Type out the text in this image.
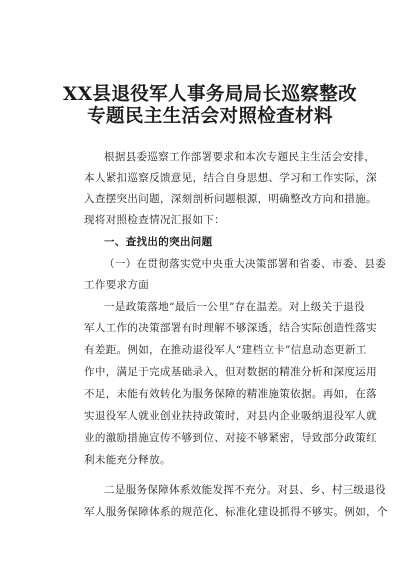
XX县退役军人事务局局长巡察整改
专题民主生活会对照检查材料
根据县委巡察工作部署要求和本次专题民主生活会安排，
本人紧扣巡察反馈意见，结合自身思想、学习和工作实际，深
入查摆突出问题，深刻剖析问题根源，明确整改方向和措施。
现将对照检查情况汇报如下：
一、查找出的突出问题
（一）在贯彻落实党中央重大决策部署和省委、市委、县委
工作要求方面
一是政策落地“最后一公里”存在温差。对上级关于退役
军人工作的决策部署有时理解不够深透，结合实际创造性落实
有差距。例如，在推动退役军人“建档立卡”信息动态更新工
作中，满足于完成基础录入，但对数据的精准分析和深度运用
不足，未能有效转化为服务保障的精准施策依据。再如，在落
实退役军人就业创业扶持政策时，对县内企业吸纳退役军人就
业的激励措施宣传不够到位、对接不够紧密，导致部分政策红
利未能充分释放。
二是服务保障体系效能发挥不充分。对县、乡、村三级退役
军人服务保障体系的规范化、标准化建设抓得不够实。例如，个
